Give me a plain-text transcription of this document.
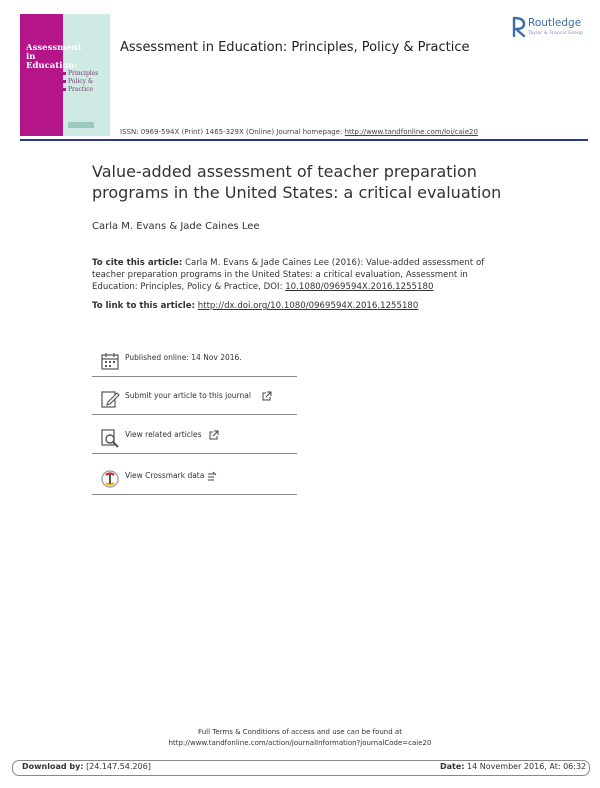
Assessment
in Education:
Principles
Policy &
Practice
Assessment in Education: Principles, Policy & Practice
Routledge
Taylor & Francis Group
ISSN: 0969-594X (Print) 1465-329X (Online) Journal homepage: http://www.tandfonline.com/loi/caie20
Value-added assessment of teacher preparation programs in the United States: a critical evaluation
Carla M. Evans & Jade Caines Lee
To cite this article: Carla M. Evans & Jade Caines Lee (2016): Value-added assessment of teacher preparation programs in the United States: a critical evaluation, Assessment in Education: Principles, Policy & Practice, DOI: 10.1080/0969594X.2016.1255180
To link to this article: http://dx.doi.org/10.1080/0969594X.2016.1255180
Published online: 14 Nov 2016.
Submit your article to this journal
View related articles
View Crossmark data
Full Terms & Conditions of access and use can be found at
http://www.tandfonline.com/action/journalInformation?journalCode=caie20
Download by: [24.147.54.206]	Date: 14 November 2016, At: 06:32
